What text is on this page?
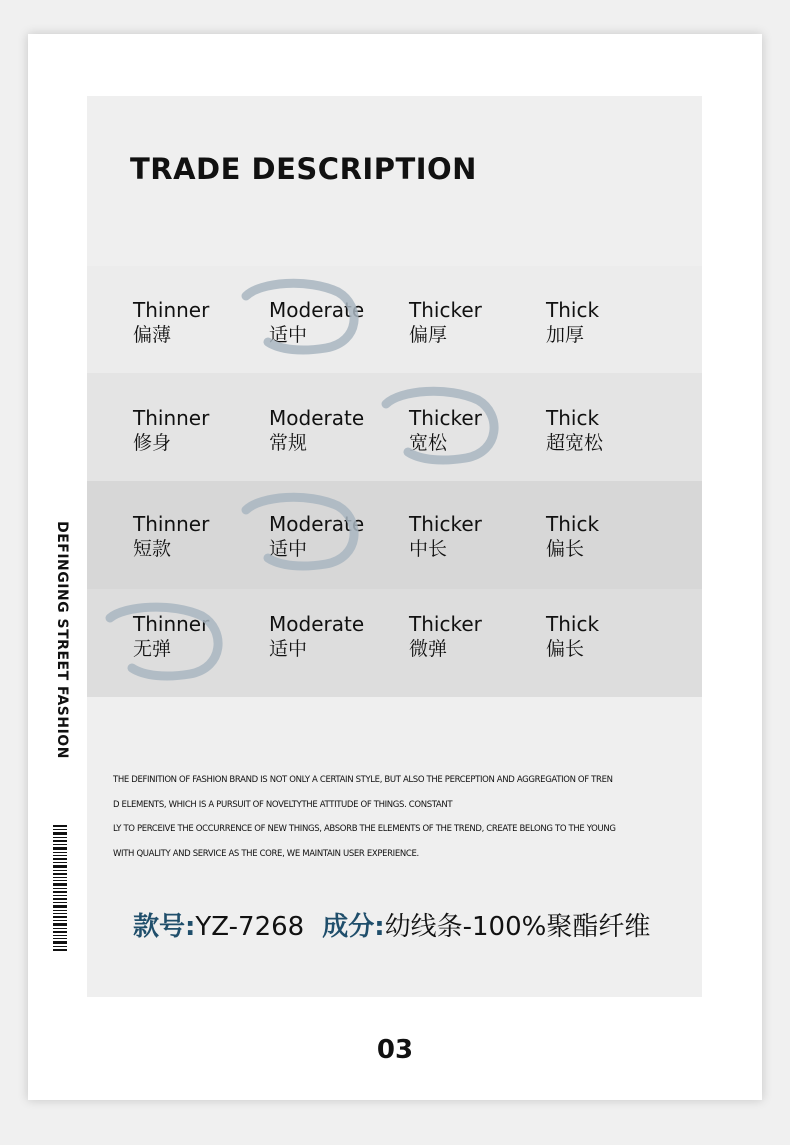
TRADE DESCRIPTION
Thinner
偏薄
Moderate
适中
Thicker
偏厚
Thick
加厚
Thinner
修身
Moderate
常规
Thicker
宽松
Thick
超宽松
Thinner
短款
Moderate
适中
Thicker
中长
Thick
偏长
Thinner
无弹
Moderate
适中
Thicker
微弹
Thick
偏长
DEFINGING STREET FASHION
THE DEFINITION OF FASHION BRAND IS NOT ONLY A CERTAIN STYLE, BUT ALSO THE PERCEPTION AND AGGREGATION OF TREN
D ELEMENTS, WHICH IS A PURSUIT OF NOVELTYTHE ATTITUDE OF THINGS. CONSTANT
LY TO PERCEIVE THE OCCURRENCE OF NEW THINGS, ABSORB THE ELEMENTS OF THE TREND, CREATE BELONG TO THE YOUNG
WITH QUALITY AND SERVICE AS THE CORE, WE MAINTAIN USER EXPERIENCE.
款号:YZ-7268 成分:幼线条-100%聚酯纤维
03
